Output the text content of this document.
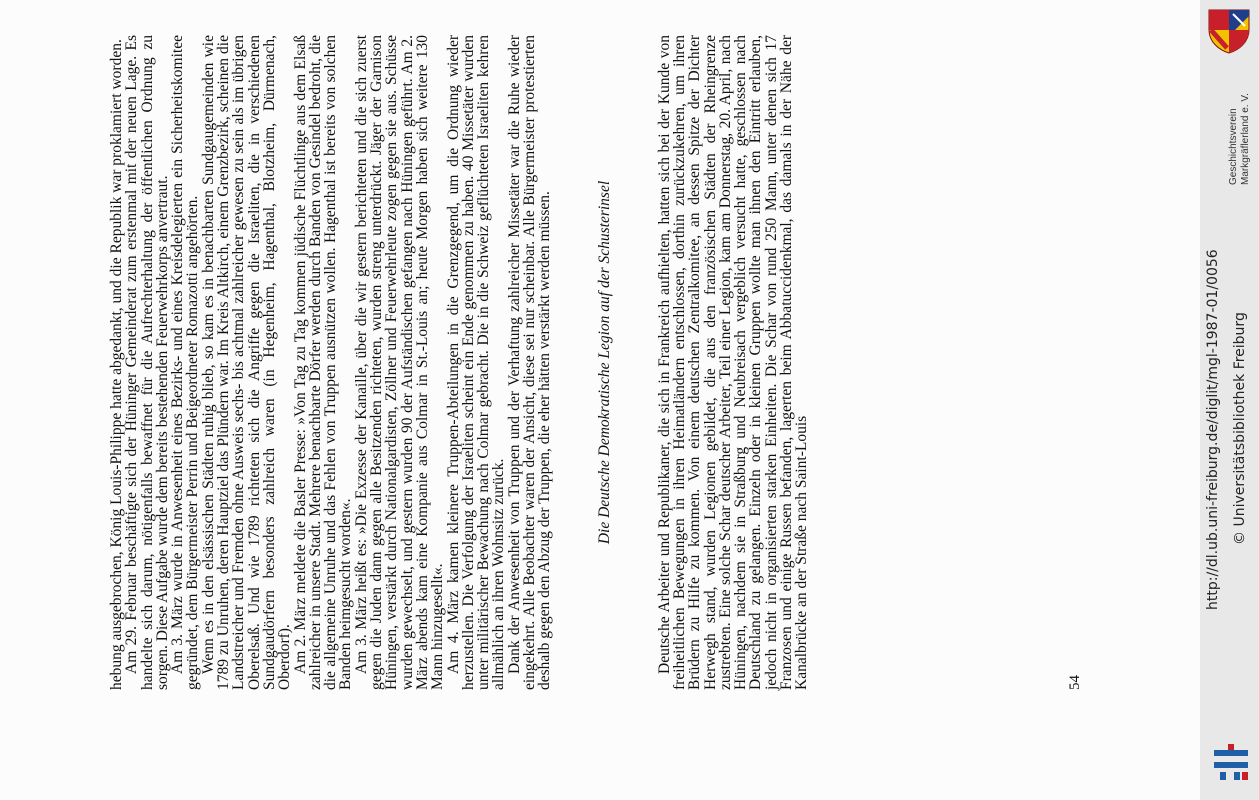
hebung ausgebrochen, König Louis-Philippe hatte abgedankt, und die Republik war proklamiert worden.

Am 29. Februar beschäftigte sich der Hüninger Gemeinderat zum erstenmal mit der neuen Lage. Es handelte sich darum, nötigenfalls bewaffnet für die Aufrechterhaltung der öffentlichen Ordnung zu sorgen. Diese Aufgabe wurde dem bereits bestehenden Feuerwehrkorps anvertraut.

Am 3. März wurde in Anwesenheit eines Bezirks- und eines Kreisdelegierten ein Sicherheitskomitee gegründet, dem Bürgermeister Perrin und Beigeordneter Romazotti angehörten.

Wenn es in den elsässischen Städten ruhig blieb, so kam es in benachbarten Sundgaugemeinden wie 1789 zu Unruhen, deren Hauptziel das Plündern war. Im Kreis Altkirch, einem Grenzbezirk, scheinen die Landstreicher und Fremden ohne Ausweis sechs- bis achtmal zahlreicher gewesen zu sein als im übrigen Oberelsaß. Und wie 1789 richteten sich die Angriffe gegen die Israeliten, die in verschiedenen Sundgaudörfern besonders zahlreich waren (in Hegenheim, Hagenthal, Blotzheim, Dürmenach, Oberdorf).

Am 2. März meldete die Basler Presse: »Von Tag zu Tag kommen jüdische Flüchtlinge aus dem Elsaß zahlreicher in unsere Stadt. Mehrere benachbarte Dörfer werden durch Banden von Gesindel bedroht, die die allgemeine Unruhe und das Fehlen von Truppen ausnützen wollen. Hagenthal ist bereits von solchen Banden heimgesucht worden«.

Am 3. März heißt es: »Die Exzesse der Kanaille, über die wir gestern berichteten und die sich zuerst gegen die Juden dann gegen alle Besitzenden richteten, wurden streng unterdrückt. Jäger der Garnison Hüningen, verstärkt durch Nationalgardisten, Zöllner und Feuerwehrleute zogen gegen sie aus. Schüsse wurden gewechselt, und gestern wurden 90 der Aufständischen gefangen nach Hüningen geführt. Am 2. März abends kam eine Kompanie aus Colmar in St.-Louis an; heute Morgen haben sich weitere 130 Mann hinzugesellt«.

Am 4. März kamen kleinere Truppen-Abteilungen in die Grenzgegend, um die Ordnung wieder herzustellen. Die Verfolgung der Israeliten scheint ein Ende genommen zu haben. 40 Missetäter wurden unter militärischer Bewachung nach Colmar gebracht. Die in die Schweiz geflüchteten Israeliten kehren allmählich an ihren Wohnsitz zurück.

Dank der Anwesenheit von Truppen und der Verhaftung zahlreicher Missetäter war die Ruhe wieder eingekehrt. Alle Beobachter waren der Ansicht, diese sei nur scheinbar. Alle Bürgermeister protestierten deshalb gegen den Abzug der Truppen, die eher hätten verstärkt werden müssen.	Die Deutsche Demokratische Legion auf der Schusterinsel	Deutsche Arbeiter und Republikaner, die sich in Frankreich aufhielten, hatten sich bei der Kunde von freiheitlichen Bewegungen in ihren Heimatländern entschlossen, dorthin zurückzukehren, um ihren Brüdern zu Hilfe zu kommen. Von einem deutschen Zentralkomitee, an dessen Spitze der Dichter Herwegh stand, wurden Legionen gebildet, die aus den französischen Städten der Rheingrenze zustrebten. Eine solche Schar deutscher Arbeiter, Teil einer Legion, kam am Donnerstag, 20. April, nach Hüningen, nachdem sie in Straßburg und Neubreisach vergeblich versucht hatte, geschlossen nach Deutschland zu gelangen. Einzeln oder in kleinen Gruppen wollte man ihnen den Eintritt erlauben, jedoch nicht in organisierten starken Einheiten. Die Schar von rund 250 Mann, unter denen sich 17 Franzosen und einige Russen befanden, lagerten beim Abbatuccidenkmal, das damals in der Nähe der Kanalbrücke an der Straße nach Saint-Louis	54
Geschichtsverein Markgräflerland e. V.
http://dl.ub.uni-freiburg.de/diglit/mgl-1987-01/0056 © Universitätsbibliothek Freiburg
